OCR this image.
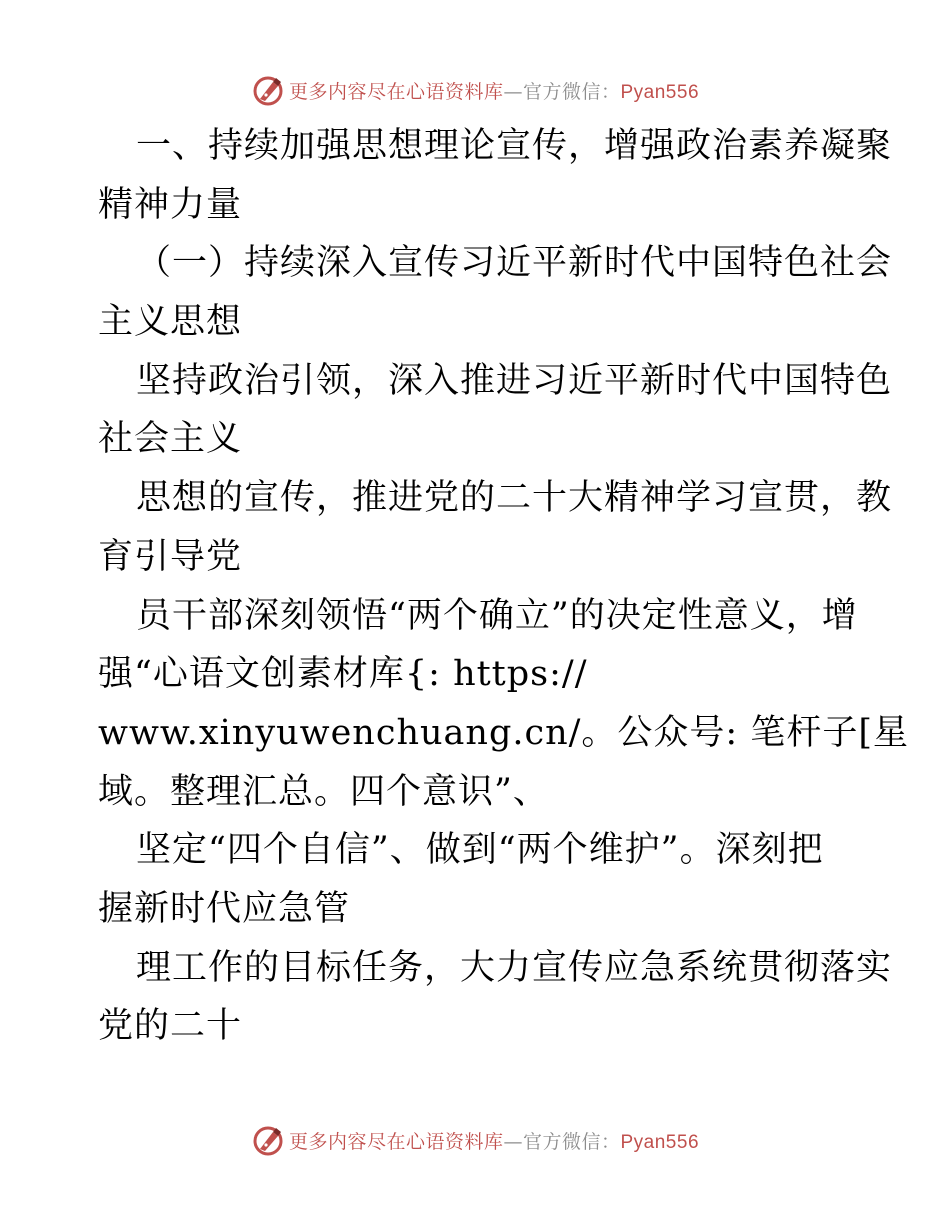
更多内容尽在心语资料库—官方微信：Pyan556
一、持续加强思想理论宣传，增强政治素养凝聚
精神力量
（一）持续深入宣传习近平新时代中国特色社会
主义思想
坚持政治引领，深入推进习近平新时代中国特色
社会主义
思想的宣传，推进党的二十大精神学习宣贯，教
育引导党
员干部深刻领悟“两个确立”的决定性意义，增
强“心语文创素材库{: https://
www.xinyuwenchuang.cn/。公众号: 笔杆子[星
域。整理汇总。四个意识”、
坚定“四个自信”、做到“两个维护”。深刻把
握新时代应急管
理工作的目标任务，大力宣传应急系统贯彻落实
党的二十
更多内容尽在心语资料库—官方微信：Pyan556
